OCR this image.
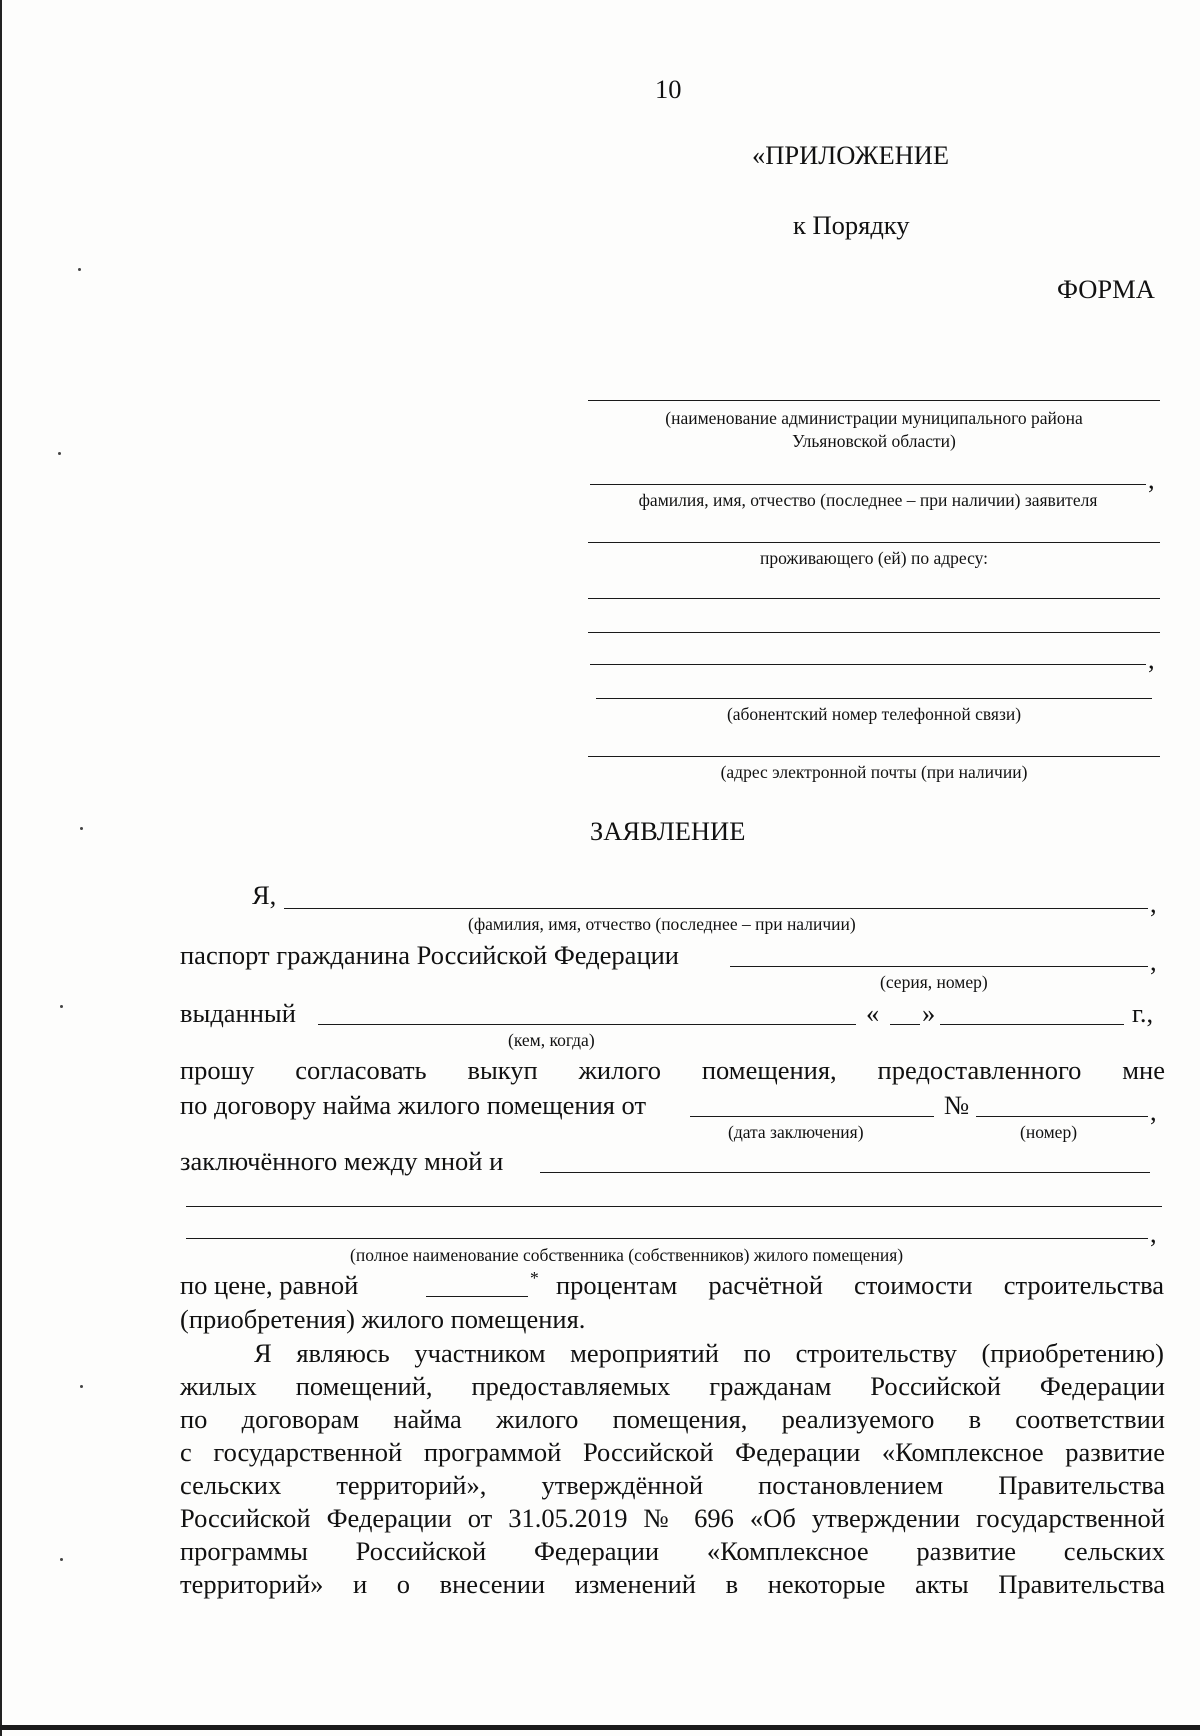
10
«ПРИЛОЖЕНИЕ
к Порядку
ФОРМА
(наименование администрации муниципального района
Ульяновской области)
,
фамилия, имя, отчество (последнее – при наличии) заявителя
проживающего (ей) по адресу:
,
(абонентский номер телефонной связи)
(адрес электронной почты (при наличии)
ЗАЯВЛЕНИЕ
Я,	,
(фамилия, имя, отчество (последнее – при наличии)
паспорт гражданина Российской Федерации	,
(серия, номер)
выданный	« »	г.,
(кем, когда)
прошу согласовать выкуп жилого помещения, предоставленного мне
по договору найма жилого помещения от	№	,
(дата заключения)	(номер)
заключённого между мной и
,
(полное наименование собственника (собственников) жилого помещения)
по цене, равной	* процентам расчётной стоимости строительства
(приобретения) жилого помещения.
Я являюсь участником мероприятий по строительству (приобретению)
жилых помещений, предоставляемых гражданам Российской Федерации
по договорам найма жилого помещения, реализуемого в соответствии
с государственной программой Российской Федерации «Комплексное развитие
сельских территорий», утверждённой постановлением Правительства
Российской Федерации от 31.05.2019 № 696 «Об утверждении государственной
программы Российской Федерации «Комплексное развитие сельских
территорий» и о внесении изменений в некоторые акты Правительства
